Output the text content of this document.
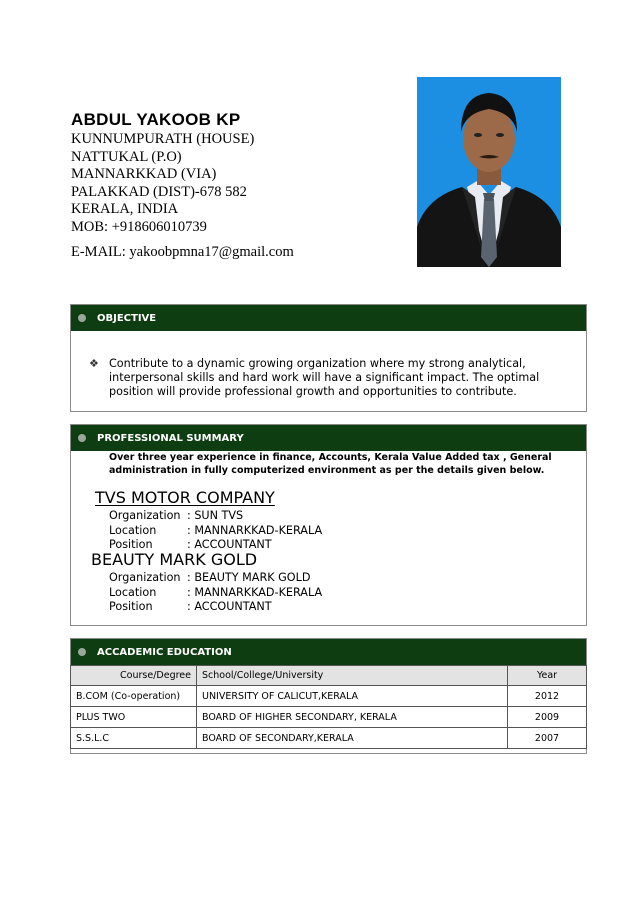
ABDUL YAKOOB KP
KUNNUMPURATH (HOUSE)
NATTUKAL (P.O)
MANNARKKAD (VIA)
PALAKKAD (DIST)-678 582
KERALA, INDIA
MOB: +918606010739
E-MAIL: yakoobpmna17@gmail.com
OBJECTIVE
❖ Contribute to a dynamic growing organization where my strong analytical, interpersonal skills and hard work will have a significant impact. The optimal position will provide professional growth and opportunities to contribute.
PROFESSIONAL SUMMARY
Over three year experience in finance, Accounts, Kerala Value Added tax , General administration in fully computerized environment as per the details given below.
TVS MOTOR COMPANY
Organization : SUN TVS
Location	: MANNARKKAD-KERALA
Position	: ACCOUNTANT
BEAUTY MARK GOLD
Organization : BEAUTY MARK GOLD
Location	: MANNARKKAD-KERALA
Position	: ACCOUNTANT
ACCADEMIC EDUCATION
Course/Degree	School/College/University	Year
B.COM (Co-operation)	UNIVERSITY OF CALICUT,KERALA	2012
PLUS TWO	BOARD OF HIGHER SECONDARY, KERALA	2009
S.S.L.C	BOARD OF SECONDARY,KERALA	2007
